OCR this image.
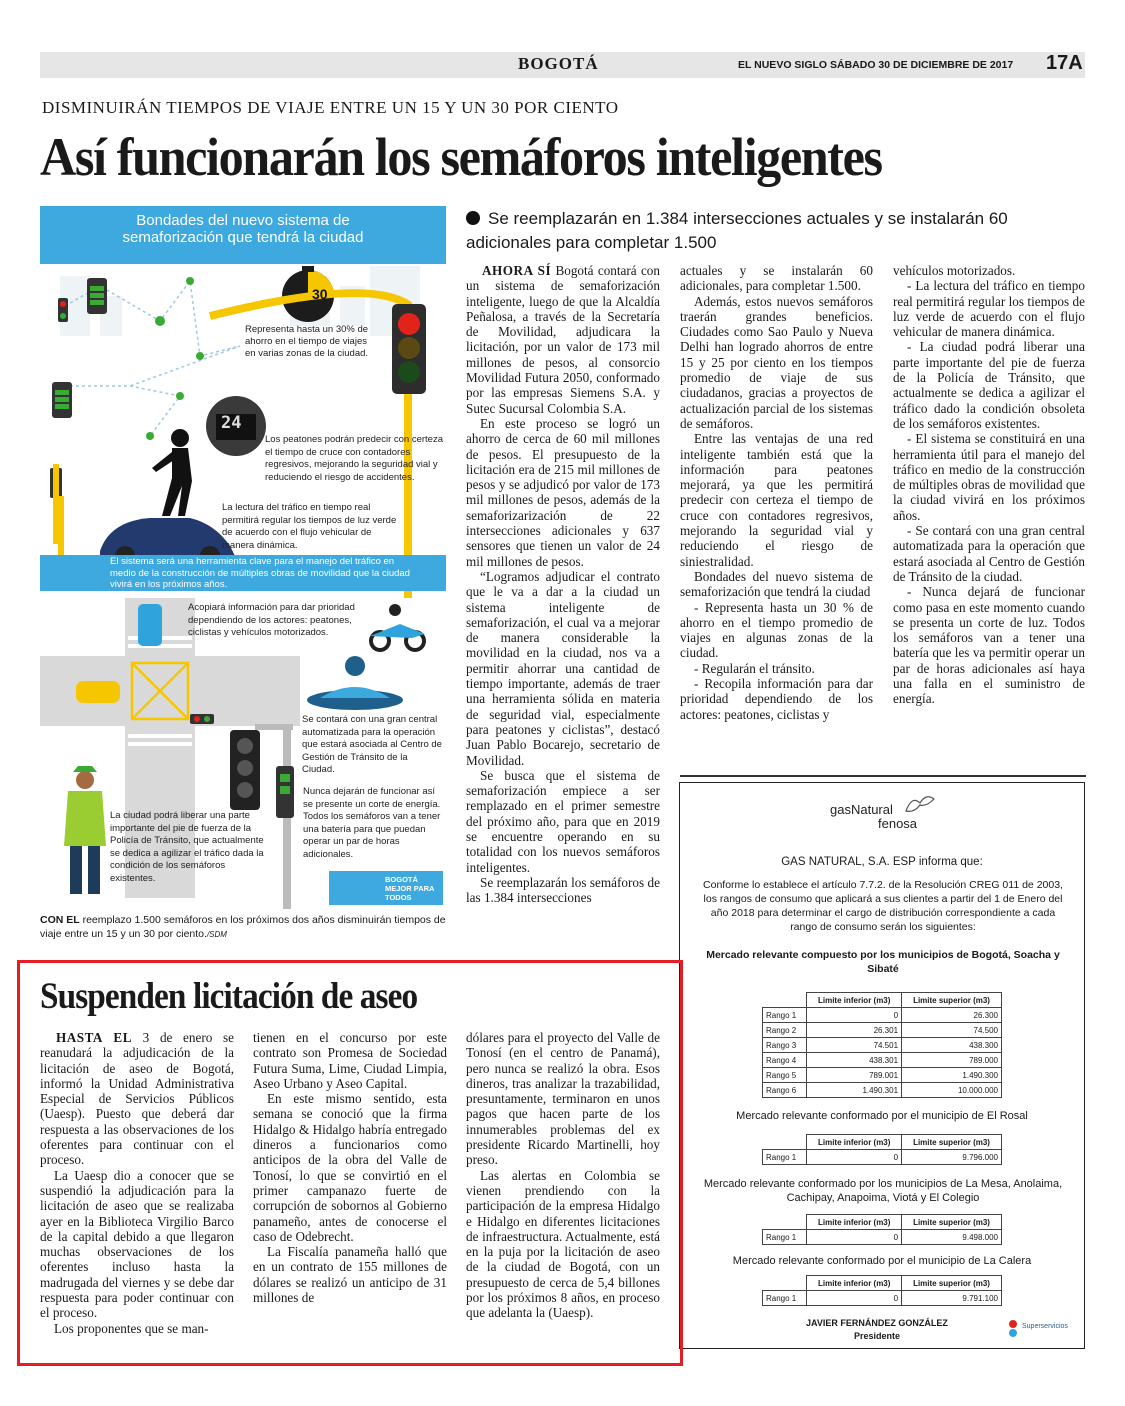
BOGOTÁ	EL NUEVO SIGLO SÁBADO 30 DE DICIEMBRE DE 2017 17A
DISMINUIRÁN TIEMPOS DE VIAJE ENTRE UN 15 Y UN 30 POR CIENTO
Así funcionarán los semáforos inteligentes
Se reemplazarán en 1.384 intersecciones actuales y se instalarán 60 adicionales para completar 1.500

AHORA SÍ Bogotá contará con un sistema de semaforización inteligente, luego de que la Alcaldía Peñalosa, a través de la Secretaría de Movilidad, adjudicara la licitación, por un valor de 173 mil millones de pesos, al consorcio Movilidad Futura 2050, conformado por las empresas Siemens S.A. y Sutec Sucursal Colombia S.A.

En este proceso se logró un ahorro de cerca de 60 mil millones de pesos. El presupuesto de la licitación era de 215 mil millones de pesos y se adjudicó por valor de 173 mil millones de pesos, además de la semaforizarización de 22 intersecciones adicionales y 637 sensores que tienen un valor de 24 mil millones de pesos.

“Logramos adjudicar el contrato que le va a dar a la ciudad un sistema inteligente de semaforización, el cual va a mejorar de manera considerable la movilidad en la ciudad, nos va a permitir ahorrar una cantidad de tiempo importante, además de traer una herramienta sólida en materia de seguridad vial, especialmente para peatones y ciclistas”, destacó Juan Pablo Bocarejo, secretario de Movilidad.

Se busca que el sistema de semaforización empiece a ser remplazado en el primer semestre del próximo año, para que en 2019 se encuentre operando en su totalidad con los nuevos semáforos inteligentes.

Se reemplazarán los semáforos de las 1.384 intersecciones

actuales y se instalarán 60 adicionales, para completar 1.500.

Además, estos nuevos semáforos traerán grandes beneficios. Ciudades como Sao Paulo y Nueva Delhi han logrado ahorros de entre 15 y 25 por ciento en los tiempos promedio de viaje de sus ciudadanos, gracias a proyectos de actualización parcial de los sistemas de semáforos.

Entre las ventajas de una red inteligente también está que la información para peatones mejorará, ya que les permitirá predecir con certeza el tiempo de cruce con contadores regresivos, mejorando la seguridad vial y reduciendo el riesgo de siniestralidad.

Bondades del nuevo sistema de semaforización que tendrá la ciudad

- Representa hasta un 30 % de ahorro en el tiempo promedio de viajes en algunas zonas de la ciudad.

- Regularán el tránsito.

- Recopila información para dar prioridad dependiendo de los actores: peatones, ciclistas y

vehículos motorizados.

- La lectura del tráfico en tiempo real permitirá regular los tiempos de luz verde de acuerdo con el flujo vehicular de manera dinámica.

- La ciudad podrá liberar una parte importante del pie de fuerza de la Policía de Tránsito, que actualmente se dedica a agilizar el tráfico dado la condición obsoleta de los semáforos existentes.

- El sistema se constituirá en una herramienta útil para el manejo del tráfico en medio de la construcción de múltiples obras de movilidad que la ciudad vivirá en los próximos años.

- Se contará con una gran central automatizada para la operación que estará asociada al Centro de Gestión de Tránsito de la ciudad.

- Nunca dejará de funcionar como pasa en este momento cuando se presenta un corte de luz. Todos los semáforos van a tener una batería que les va permitir operar un par de horas adicionales así haya una falla en el suministro de energía.

Bondades del nuevo sistema de
semaforización que tendrá la ciudad
30
24
Representa hasta un 30% de ahorro en el tiempo de viajes en varias zonas de la ciudad.
Los peatones podrán predecir con certeza el tiempo de cruce con contadores regresivos, mejorando la seguridad vial y reduciendo el riesgo de accidentes.
La lectura del tráfico en tiempo real permitirá regular los tiempos de luz verde de acuerdo con el flujo vehicular de manera dinámica.
El sistema será una herramienta clave para el manejo del tráfico en medio de la construcción de múltiples obras de movilidad que la ciudad vivirá en los próximos años.
Acopiará información para dar prioridad dependiendo de los actores: peatones, ciclistas y vehículos motorizados.
Se contará con una gran central automatizada para la operación que estará asociada al Centro de Gestión de Tránsito de la Ciudad.
Nunca dejarán de funcionar así se presente un corte de energía. Todos los semáforos van a tener una batería para que puedan operar un par de horas adicionales.
La ciudad podrá liberar una parte importante del pie de fuerza de la Policía de Tránsito, que actualmente se dedica a agilizar el tráfico dada la condición de los semáforos existentes.	BOGOTÁ MEJOR PARA TODOS
CON EL reemplazo 1.500 semáforos en los próximos dos años disminuirán tiempos de viaje entre un 15 y un 30 por ciento./SDM
gasNatural
fenosa
GAS NATURAL, S.A. ESP informa que:
Conforme lo establece el artículo 7.7.2. de la Resolución CREG 011 de 2003, los rangos de consumo que aplicará a sus clientes a partir del 1 de Enero del año 2018 para determinar el cargo de distribución correspondiente a cada rango de consumo serán los siguientes:
Mercado relevante compuesto por los municipios de Bogotá, Soacha y Sibaté
	Limite inferior (m3)	Limite superior (m3)
Rango 1	0	26.300
Rango 2	26.301	74.500
Rango 3	74.501	438.300
Rango 4	438.301	789.000
Rango 5	789.001	1.490.300
Rango 6	1.490.301	10.000.000
Mercado relevante conformado por el municipio de El Rosal
	Limite inferior (m3)	Limite superior (m3)
Rango 1	0	9.796.000
Mercado relevante conformado por los municipios de La Mesa, Anolaima, Cachipay, Anapoima, Viotá y El Colegio
	Limite inferior (m3)	Limite superior (m3)
Rango 1	0	9.498.000
Mercado relevante conformado por el municipio de La Calera
	Limite inferior (m3)	Limite superior (m3)
Rango 1	0	9.791.100
JAVIER FERNÁNDEZ GONZÁLEZ
Presidente
Superservicios
Suspenden licitación de aseo

HASTA EL 3 de enero se reanudará la adjudicación de la licitación de aseo de Bogotá, informó la Unidad Administrativa Especial de Servicios Públicos (Uaesp). Puesto que deberá dar respuesta a las observaciones de los oferentes para continuar con el proceso.

La Uaesp dio a conocer que se suspendió la adjudicación para la licitación de aseo que se realizaba ayer en la Biblioteca Virgilio Barco de la capital debido a que llegaron muchas observaciones de los oferentes incluso hasta la madrugada del viernes y se debe dar respuesta para poder continuar con el proceso.

Los proponentes que se man-

tienen en el concurso por este contrato son Promesa de Sociedad Futura Suma, Lime, Ciudad Limpia, Aseo Urbano y Aseo Capital.

En este mismo sentido, esta semana se conoció que la firma Hidalgo & Hidalgo habría entregado dineros a funcionarios como anticipos de la obra del Valle de Tonosí, lo que se convirtió en el primer campanazo fuerte de corrupción de sobornos al Gobierno panameño, antes de conocerse el caso de Odebrecht.

La Fiscalía panameña halló que en un contrato de 155 millones de dólares se realizó un anticipo de 31 millones de

dólares para el proyecto del Valle de Tonosí (en el centro de Panamá), pero nunca se realizó la obra. Esos dineros, tras analizar la trazabilidad, presuntamente, terminaron en unos pagos que hacen parte de los innumerables problemas del ex presidente Ricardo Martinelli, hoy preso.

Las alertas en Colombia se vienen prendiendo con la participación de la empresa Hidalgo e Hidalgo en diferentes licitaciones de infraestructura. Actualmente, está en la puja por la licitación de aseo de la ciudad de Bogotá, con un presupuesto de cerca de 5,4 billones por los próximos 8 años, en proceso que adelanta la (Uaesp).
